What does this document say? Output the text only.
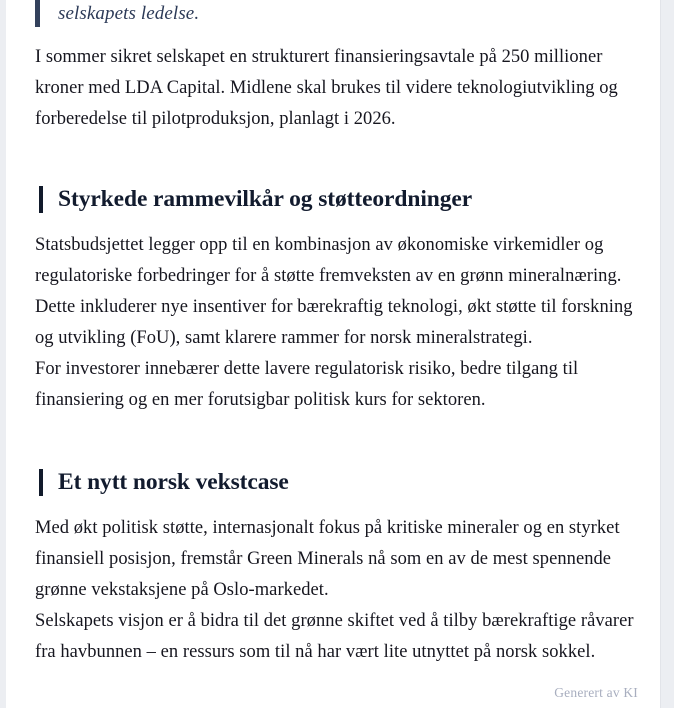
selskapets ledelse.

I sommer sikret selskapet en strukturert finansieringsavtale på 250 millioner kroner med LDA Capital. Midlene skal brukes til videre teknologiutvikling og forberedelse til pilotproduksjon, planlagt i 2026.

Styrkede rammevilkår og støtteordninger

Statsbudsjettet legger opp til en kombinasjon av økonomiske virkemidler og regulatoriske forbedringer for å støtte fremveksten av en grønn mineralnæring. Dette inkluderer nye insentiver for bærekraftig teknologi, økt støtte til forskning og utvikling (FoU), samt klarere rammer for norsk mineralstrategi.

For investorer innebærer dette lavere regulatorisk risiko, bedre tilgang til finansiering og en mer forutsigbar politisk kurs for sektoren.

Et nytt norsk vekstcase

Med økt politisk støtte, internasjonalt fokus på kritiske mineraler og en styrket finansiell posisjon, fremstår Green Minerals nå som en av de mest spennende grønne vekstaksjene på Oslo-markedet.

Selskapets visjon er å bidra til det grønne skiftet ved å tilby bærekraftige råvarer fra havbunnen – en ressurs som til nå har vært lite utnyttet på norsk sokkel.

Generert av KI
